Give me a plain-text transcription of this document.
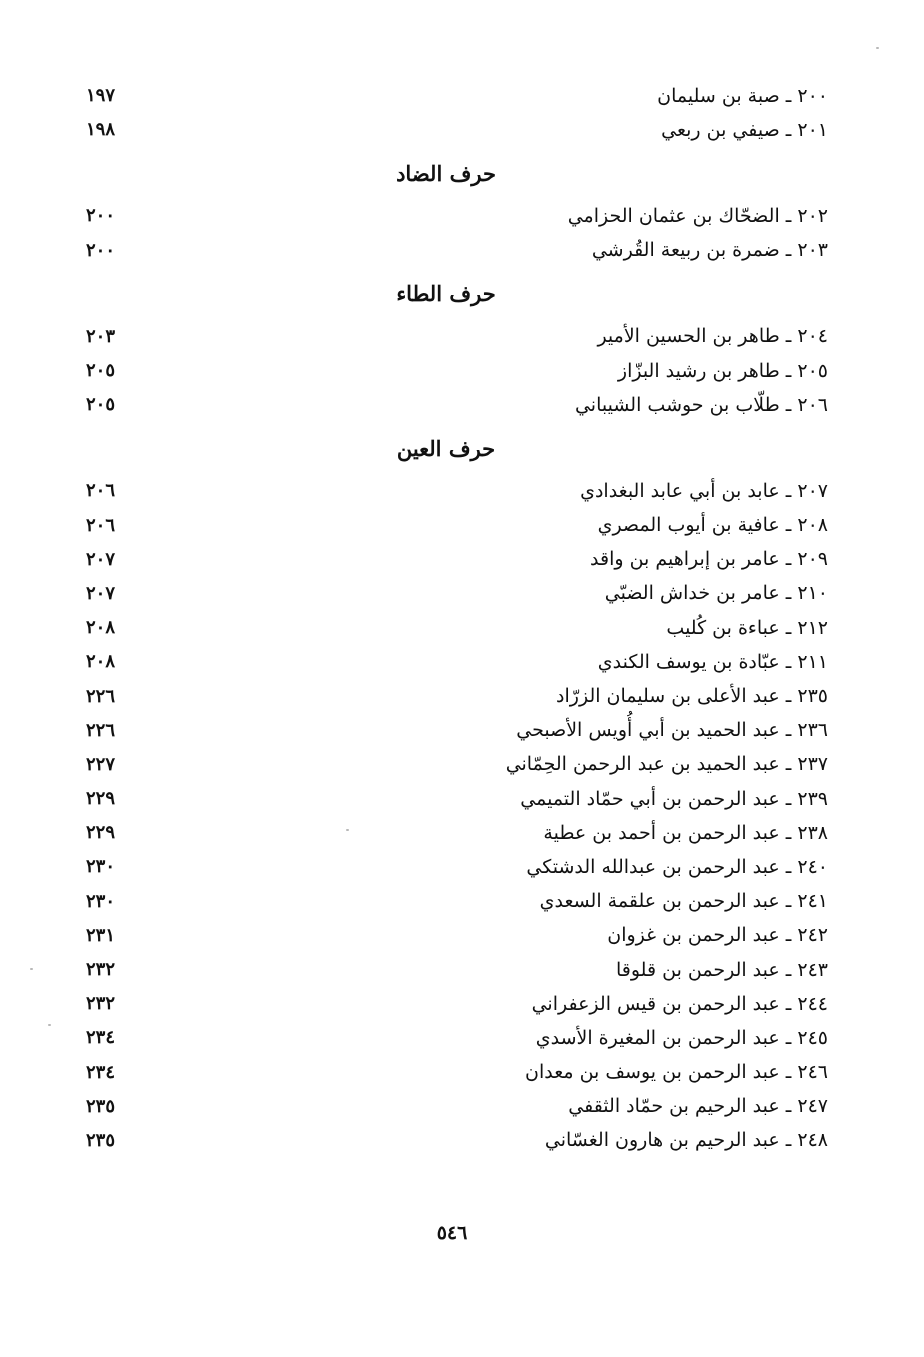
٢٠٠ ـ صبة بن سليمان
١٩٧
٢٠١ ـ صيفي بن ربعي
١٩٨
حرف الضاد
٢٠٢ ـ الضحّاك بن عثمان الحزامي
٢٠٠
٢٠٣ ـ ضمرة بن ربيعة القُرشي
٢٠٠
حرف الطاء
٢٠٤ ـ طاهر بن الحسين الأمير
٢٠٣
٢٠٥ ـ طاهر بن رشيد البزّاز
٢٠٥
٢٠٦ ـ طلّاب بن حوشب الشيباني
٢٠٥
حرف العين
٢٠٧ ـ عابد بن أبي عابد البغدادي
٢٠٦
٢٠٨ ـ عافية بن أيوب المصري
٢٠٦
٢٠٩ ـ عامر بن إبراهيم بن واقد
٢٠٧
٢١٠ ـ عامر بن خداش الضبّي
٢٠٧
٢١٢ ـ عباءة بن كُليب
٢٠٨
٢١١ ـ عبّادة بن يوسف الكندي
٢٠٨
٢٣٥ ـ عبد الأعلى بن سليمان الزرّاد
٢٢٦
٢٣٦ ـ عبد الحميد بن أبي أُويس الأصبحي
٢٢٦
٢٣٧ ـ عبد الحميد بن عبد الرحمن الحِمّاني
٢٢٧
٢٣٩ ـ عبد الرحمن بن أبي حمّاد التميمي
٢٢٩
٢٣٨ ـ عبد الرحمن بن أحمد بن عطية
٢٢٩
٢٤٠ ـ عبد الرحمن بن عبدالله الدشتكي
٢٣٠
٢٤١ ـ عبد الرحمن بن علقمة السعدي
٢٣٠
٢٤٢ ـ عبد الرحمن بن غزوان
٢٣١
٢٤٣ ـ عبد الرحمن بن قلوقا
٢٣٢
٢٤٤ ـ عبد الرحمن بن قيس الزعفراني
٢٣٢
٢٤٥ ـ عبد الرحمن بن المغيرة الأسدي
٢٣٤
٢٤٦ ـ عبد الرحمن بن يوسف بن معدان
٢٣٤
٢٤٧ ـ عبد الرحيم بن حمّاد الثقفي
٢٣٥
٢٤٨ ـ عبد الرحيم بن هارون الغسّاني
٢٣٥
٥٤٦
